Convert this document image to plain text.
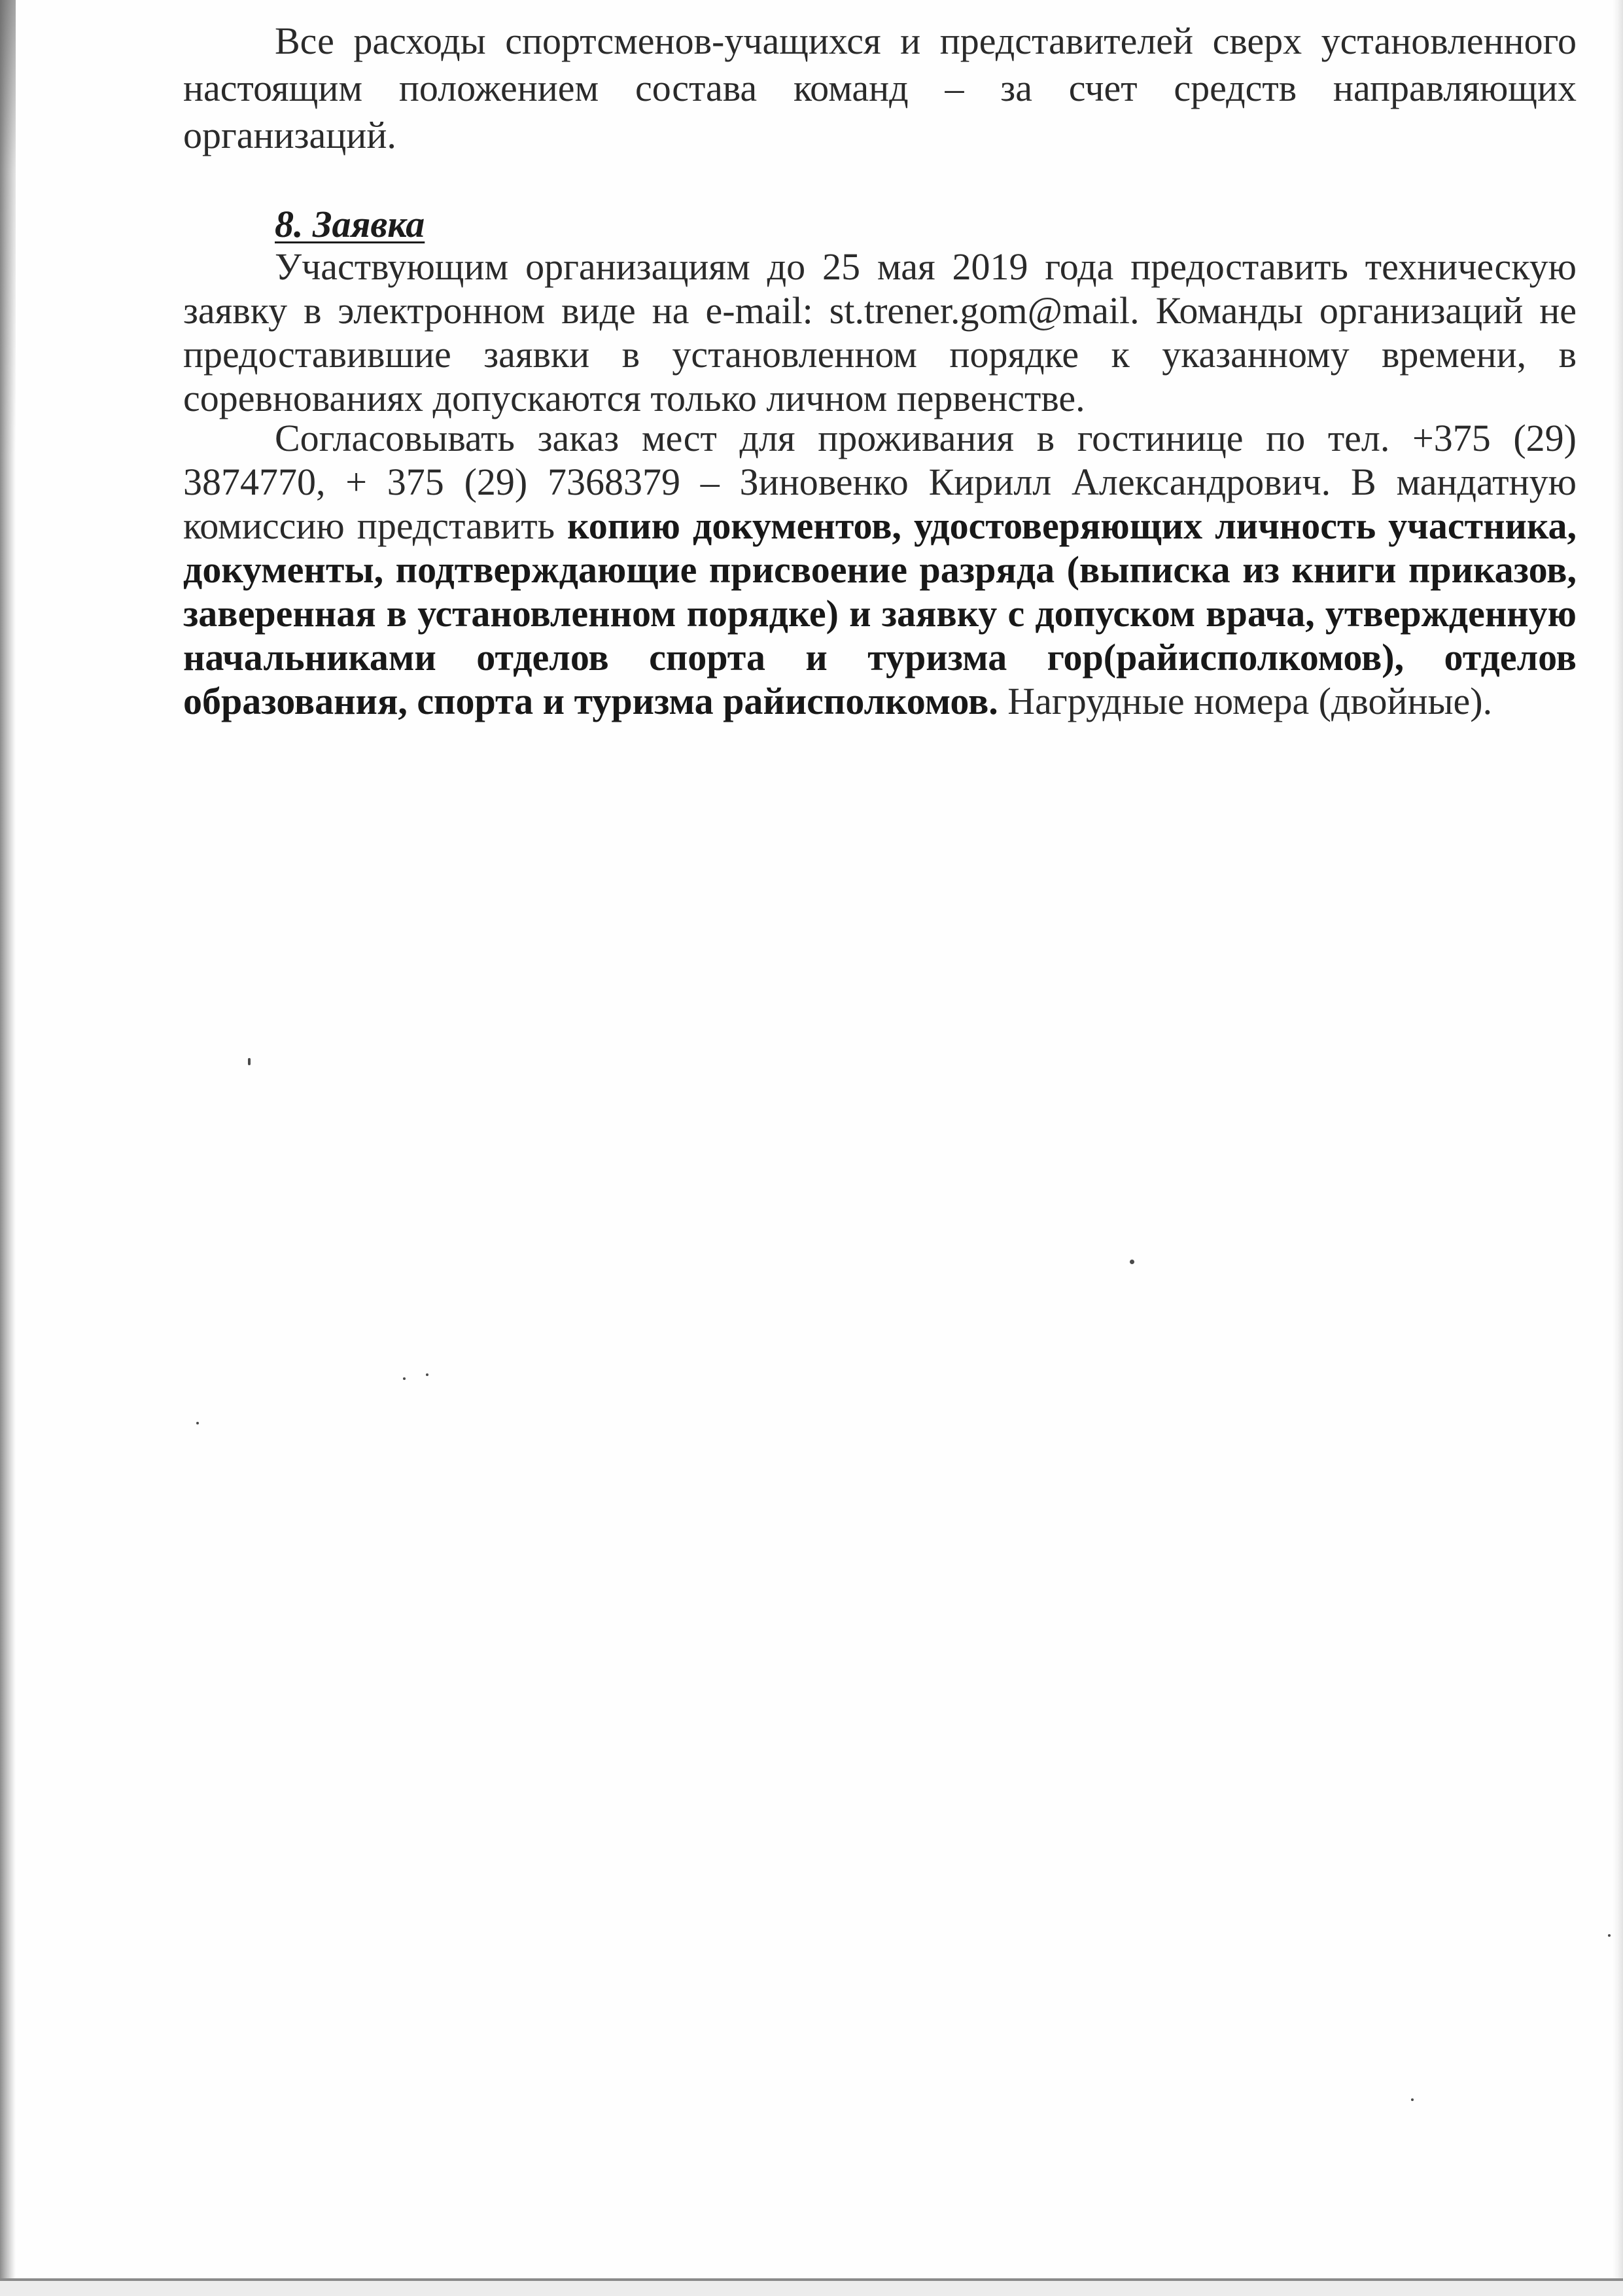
Все расходы спортсменов-учащихся и представителей сверх установленного
настоящим положением состава команд – за счет средств направляющих
организаций.
8. Заявка
Участвующим организациям до 25 мая 2019 года предоставить техническую
заявку в электронном виде на e-mail: st.trener.gom@mail. Команды организаций не
предоставившие заявки в установленном порядке к указанному времени, в
соревнованиях допускаются только личном первенстве.
Согласовывать заказ мест для проживания в гостинице по тел. +375 (29)
3874770, + 375 (29) 7368379 – Зиновенко Кирилл Александрович. В мандатную
комиссию представить копию документов, удостоверяющих личность участника,
документы, подтверждающие присвоение разряда (выписка из книги приказов,
заверенная в установленном порядке) и заявку с допуском врача, утвержденную
начальниками отделов спорта и туризма гор(райисполкомов), отделов
образования, спорта и туризма райисполкомов. Нагрудные номера (двойные).
